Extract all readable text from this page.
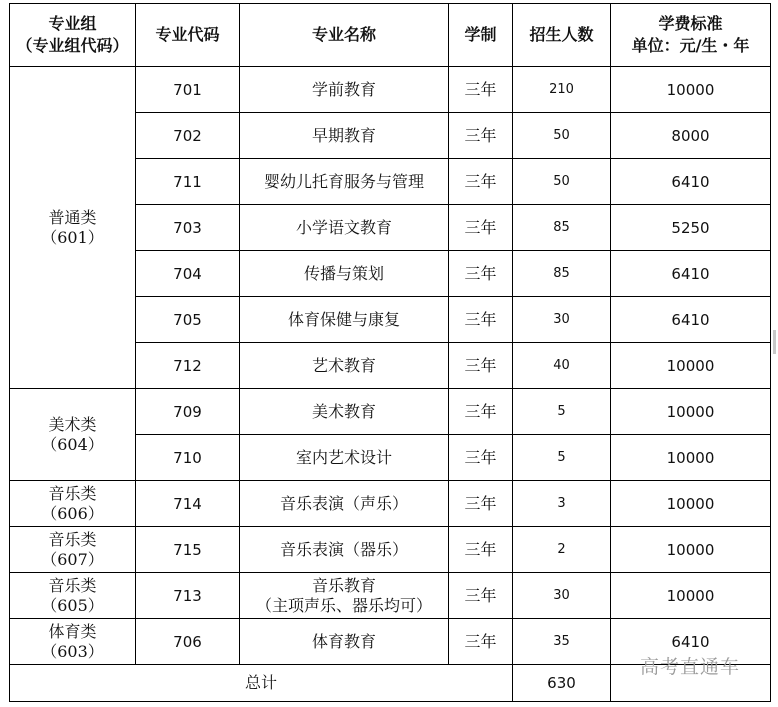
专业组
（专业组代码）	专业代码	专业名称	学制	招生人数	学费标准
单位：元/生・年

普通类
（601）	701	学前教育	三年	210	10000
	702	早期教育	三年	50	8000
	711	婴幼儿托育服务与管理	三年	50	6410
	703	小学语文教育	三年	85	5250
	704	传播与策划	三年	85	6410
	705	体育保健与康复	三年	30	6410
	712	艺术教育	三年	40	10000

美术类
（604）	709	美术教育	三年	5	10000
	710	室内艺术设计	三年	5	10000

音乐类
（606）	714	音乐表演（声乐）	三年	3	10000

音乐类
（607）	715	音乐表演（器乐）	三年	2	10000

音乐类
（605）	713	音乐教育
（主项声乐、器乐均可）	三年	30	10000

体育类
（603）	706	体育教育	三年	35	6410
总计				630	
高考直通车
